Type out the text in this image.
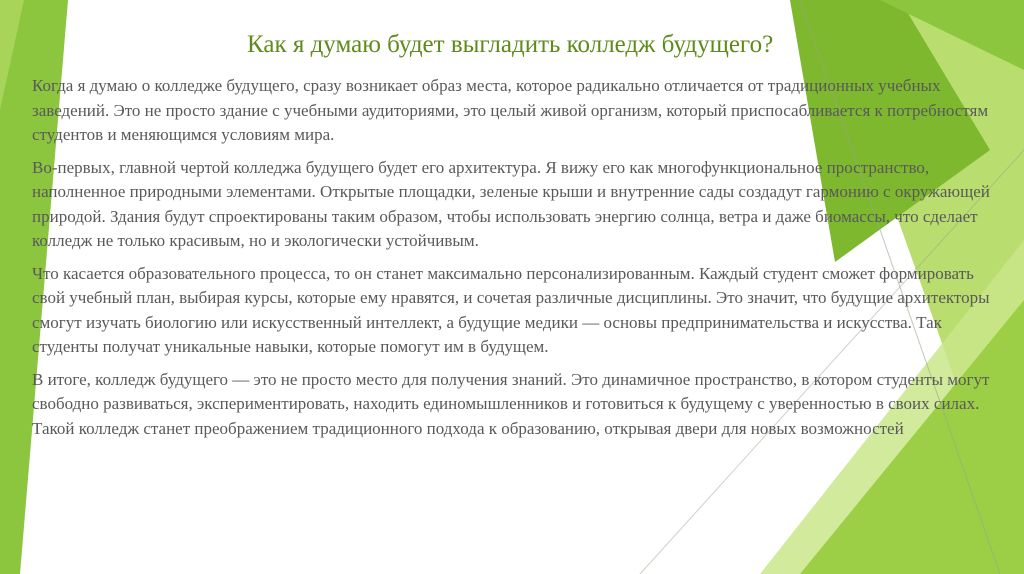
Как я думаю будет выгладить колледж будущего?

Когда я думаю о колледже будущего, сразу возникает образ места, которое радикально отличается от традиционных учебных заведений. Это не просто здание с учебными аудиториями, это целый живой организм, который приспосабливается к потребностям студентов и меняющимся условиям мира.

Во-первых, главной чертой колледжа будущего будет его архитектура. Я вижу его как многофункциональное пространство, наполненное природными элементами. Открытые площадки, зеленые крыши и внутренние сады создадут гармонию с окружающей природой. Здания будут спроектированы таким образом, чтобы использовать энергию солнца, ветра и даже биомассы, что сделает колледж не только красивым, но и экологически устойчивым.

Что касается образовательного процесса, то он станет максимально персонализированным. Каждый студент сможет формировать свой учебный план, выбирая курсы, которые ему нравятся, и сочетая различные дисциплины. Это значит, что будущие архитекторы смогут изучать биологию или искусственный интеллект, а будущие медики — основы предпринимательства и искусства. Так студенты получат уникальные навыки, которые помогут им в будущем.

В итоге, колледж будущего — это не просто место для получения знаний. Это динамичное пространство, в котором студенты могут свободно развиваться, экспериментировать, находить единомышленников и готовиться к будущему с уверенностью в своих силах. Такой колледж станет преображением традиционного подхода к образованию, открывая двери для новых возможностей
